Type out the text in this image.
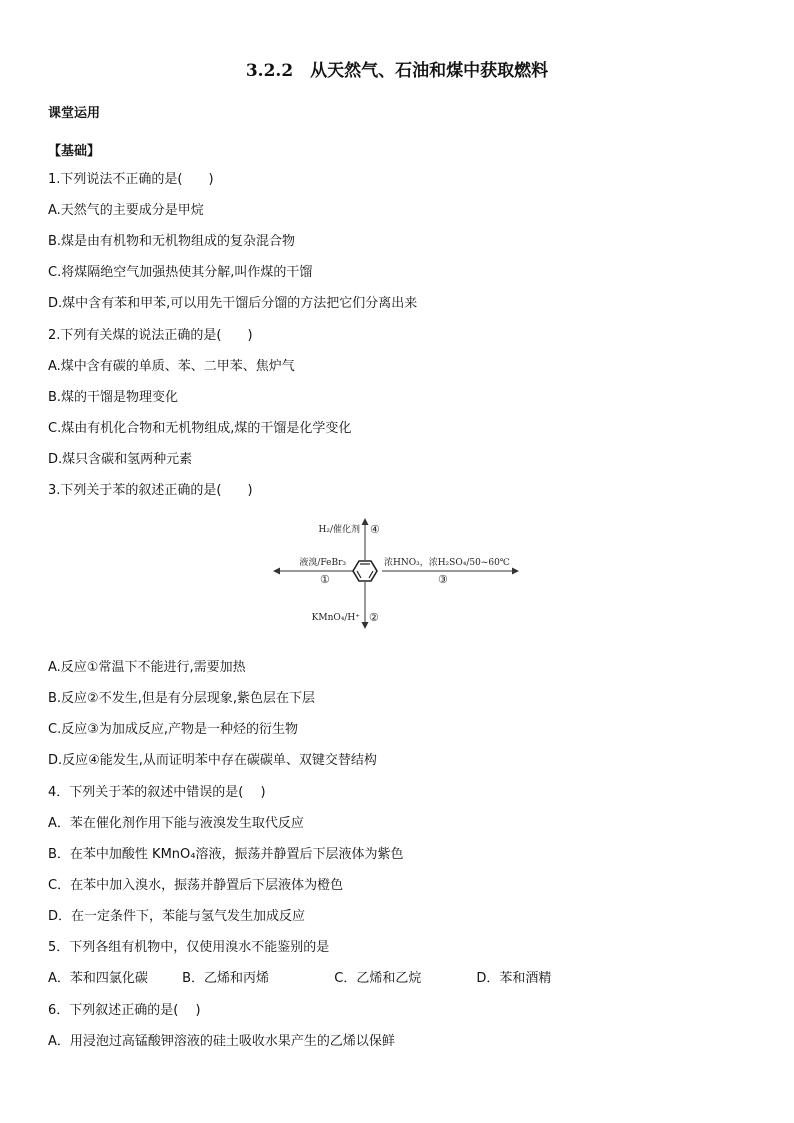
3.2.2　从天然气、石油和煤中获取燃料
课堂运用
【基础】
1.下列说法不正确的是(　　)
A.天然气的主要成分是甲烷
B.煤是由有机物和无机物组成的复杂混合物
C.将煤隔绝空气加强热使其分解,叫作煤的干馏
D.煤中含有苯和甲苯,可以用先干馏后分馏的方法把它们分离出来
2.下列有关煤的说法正确的是(　　)
A.煤中含有碳的单质、苯、二甲苯、焦炉气
B.煤的干馏是物理变化
C.煤由有机化合物和无机物组成,煤的干馏是化学变化
D.煤只含碳和氢两种元素
3.下列关于苯的叙述正确的是(　　)
H₂/催化剂 ④
液溴/FeBr₃
①
浓HNO₃，浓H₂SO₄/50~60℃
③
KMnO₄/H⁺ ②
A.反应①常温下不能进行,需要加热
B.反应②不发生,但是有分层现象,紫色层在下层
C.反应③为加成反应,产物是一种烃的衍生物
D.反应④能发生,从而证明苯中存在碳碳单、双键交替结构
4．下列关于苯的叙述中错误的是(　 )
A．苯在催化剂作用下能与液溴发生取代反应
B．在苯中加酸性 KMnO₄溶液，振荡并静置后下层液体为紫色
C．在苯中加入溴水，振荡并静置后下层液体为橙色
D．在一定条件下，苯能与氢气发生加成反应
5．下列各组有机物中，仅使用溴水不能鉴别的是
A．苯和四氯化碳	B．乙烯和丙烯	C．乙烯和乙烷	D．苯和酒精
6．下列叙述正确的是(　 )
A．用浸泡过高锰酸钾溶液的硅土吸收水果产生的乙烯以保鲜
